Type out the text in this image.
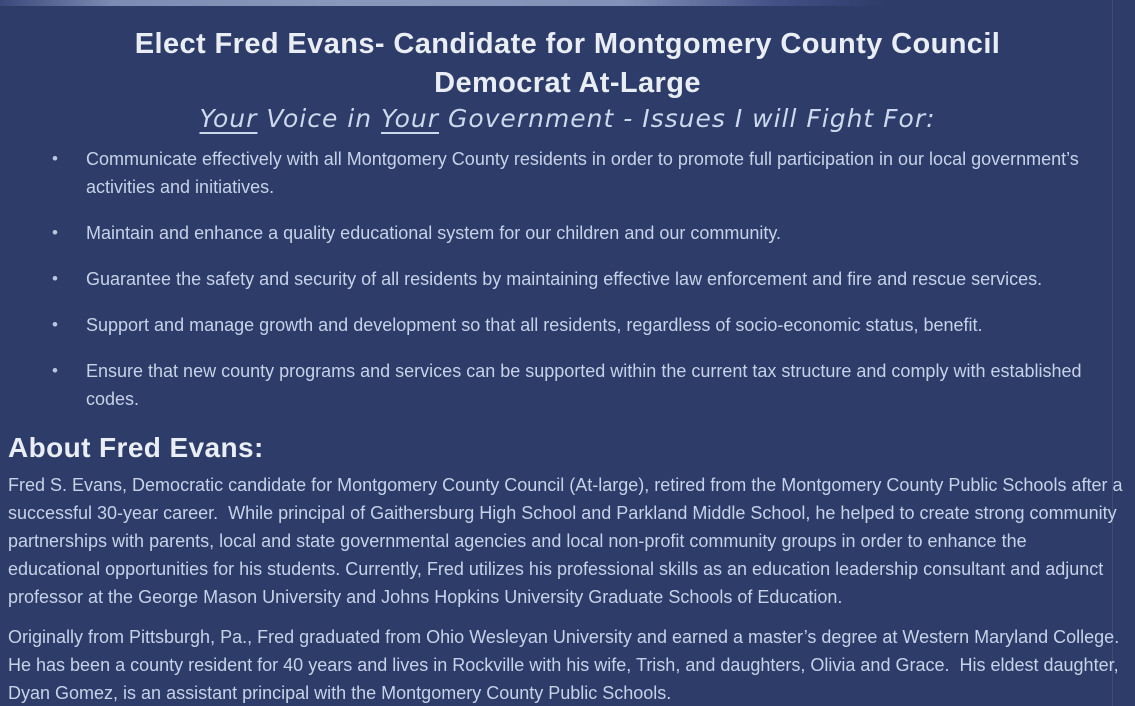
Elect Fred Evans- Candidate for Montgomery County Council
Democrat At-Large

Your Voice in Your Government - Issues I will Fight For:

• Communicate effectively with all Montgomery County residents in order to promote full participation in our local government’s activities and initiatives.
• Maintain and enhance a quality educational system for our children and our community.
• Guarantee the safety and security of all residents by maintaining effective law enforcement and fire and rescue services.
• Support and manage growth and development so that all residents, regardless of socio-economic status, benefit.
• Ensure that new county programs and services can be supported within the current tax structure and comply with established codes.
About Fred Evans:

Fred S. Evans, Democratic candidate for Montgomery County Council (At-large), retired from the Montgomery County Public Schools after a successful 30-year career.  While principal of Gaithersburg High School and Parkland Middle School, he helped to create strong community partnerships with parents, local and state governmental agencies and local non-profit community groups in order to enhance the educational opportunities for his students. Currently, Fred utilizes his professional skills as an education leadership consultant and adjunct professor at the George Mason University and Johns Hopkins University Graduate Schools of Education.

Originally from Pittsburgh, Pa., Fred graduated from Ohio Wesleyan University and earned a master’s degree at Western Maryland College. He has been a county resident for 40 years and lives in Rockville with his wife, Trish, and daughters, Olivia and Grace.  His eldest daughter, Dyan Gomez, is an assistant principal with the Montgomery County Public Schools.
